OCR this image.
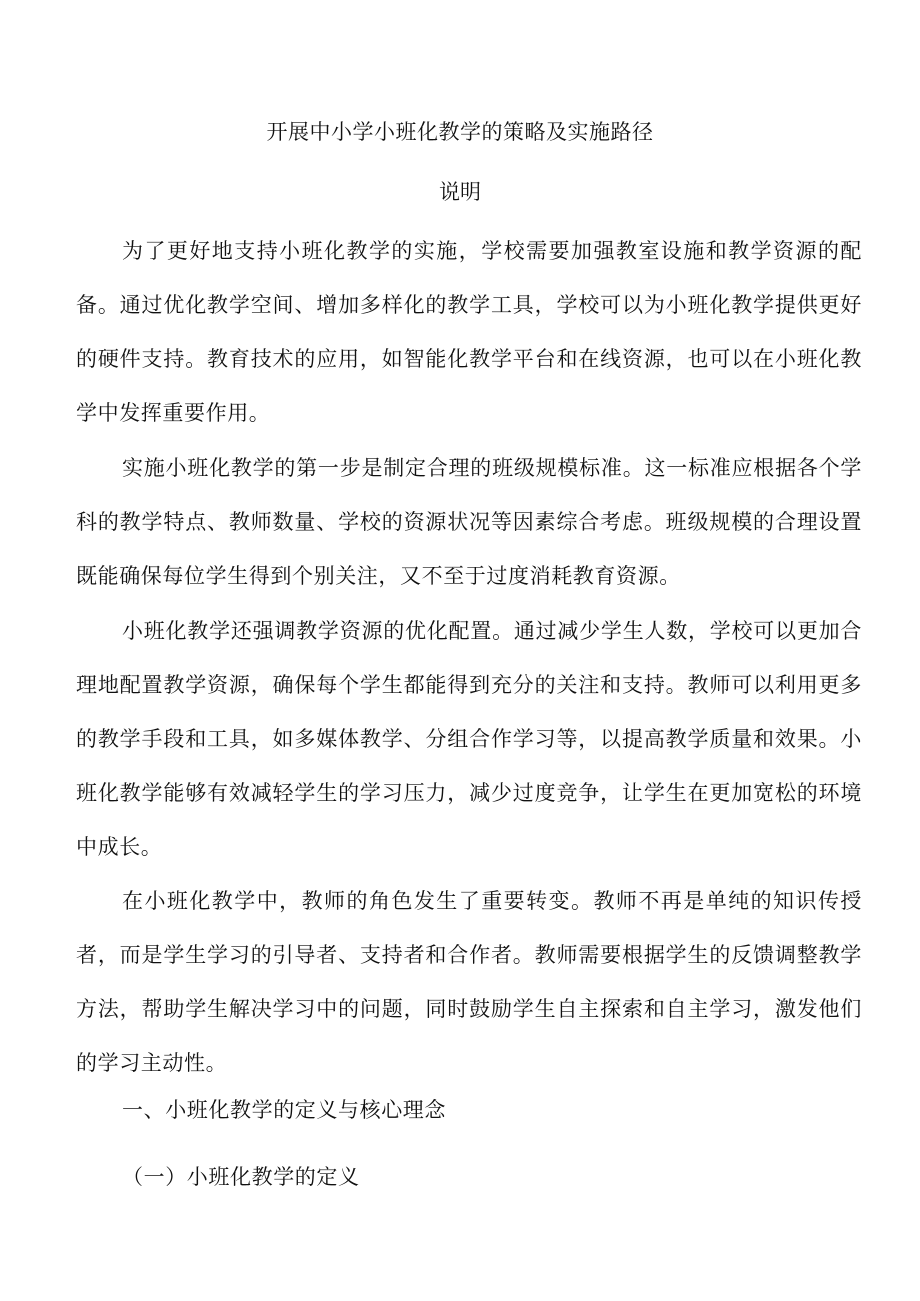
开展中小学小班化教学的策略及实施路径
说明

为了更好地支持小班化教学的实施，学校需要加强教室设施和教学资源的配备。通过优化教学空间、增加多样化的教学工具，学校可以为小班化教学提供更好的硬件支持。教育技术的应用，如智能化教学平台和在线资源，也可以在小班化教学中发挥重要作用。

实施小班化教学的第一步是制定合理的班级规模标准。这一标准应根据各个学科的教学特点、教师数量、学校的资源状况等因素综合考虑。班级规模的合理设置既能确保每位学生得到个别关注，又不至于过度消耗教育资源。

小班化教学还强调教学资源的优化配置。通过减少学生人数，学校可以更加合理地配置教学资源，确保每个学生都能得到充分的关注和支持。教师可以利用更多的教学手段和工具，如多媒体教学、分组合作学习等，以提高教学质量和效果。小班化教学能够有效减轻学生的学习压力，减少过度竞争，让学生在更加宽松的环境中成长。

在小班化教学中，教师的角色发生了重要转变。教师不再是单纯的知识传授者，而是学生学习的引导者、支持者和合作者。教师需要根据学生的反馈调整教学方法，帮助学生解决学习中的问题，同时鼓励学生自主探索和自主学习，激发他们的学习主动性。

一、小班化教学的定义与核心理念
（一）小班化教学的定义
